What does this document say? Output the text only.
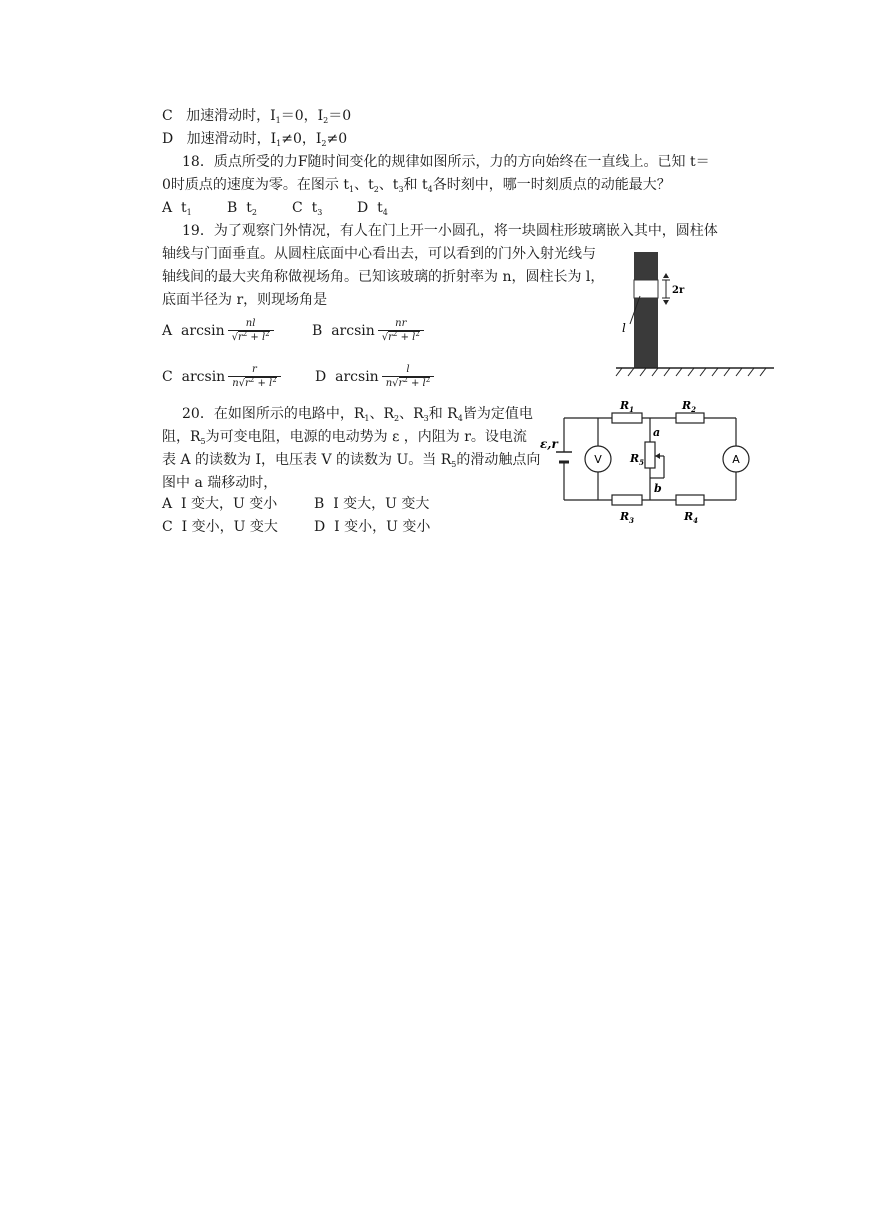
C 加速滑动时，$I_1=0$，$I_2=0$
D 加速滑动时，$I_1\ne 0$，$I_2\ne 0$
18．质点所受的力F随时间变化的规律如图所示，力的方向始终在一直线上。已知 t＝
0时质点的速度为零。在图示 $t_1$、$t_2$、$t_3$和 $t_4$各时刻中，哪一时刻质点的动能最大？
A $t_1$	B $t_2$	C $t_3$ D $t_4$
19．为了观察门外情况，有人在门上开一小圆孔，将一块圆柱形玻璃嵌入其中，圆柱体
轴线与门面垂直。从圆柱底面中心看出去，可以看到的门外入射光线与
轴线间的最大夹角称做视场角。已知该玻璃的折射率为 n，圆柱长为 l，
底面半径为 r，则现场角是
A $\arcsin \frac{nl}{√r^2 + l^2}$	B $\arcsin \frac{nr}{√r^2 + l^2}$
C $\arcsin \frac{r}{n√r^2 + l^2}$ D $\arcsin \frac{l}{n√r^2 + l^2}$
2r
l
20．在如图所示的电路中，$R_1$、$R_2$、$R_3$和 $R_4$皆为定值电
阻，$R_5$为可变电阻，电源的电动势为 ε ，内阻为 r。设电流
表 A 的读数为 I，电压表 V 的读数为 U。当 $R_5$的滑动触点向
图中 a 瑞移动时，
A I 变大，U 变小	B I 变大，U 变大
C I 变小，U 变大	D I 变小，U 变小
V	A
ε,r
$R_1$	$R_2$
$R_3$	$R_4$
$R_5$
a
b
